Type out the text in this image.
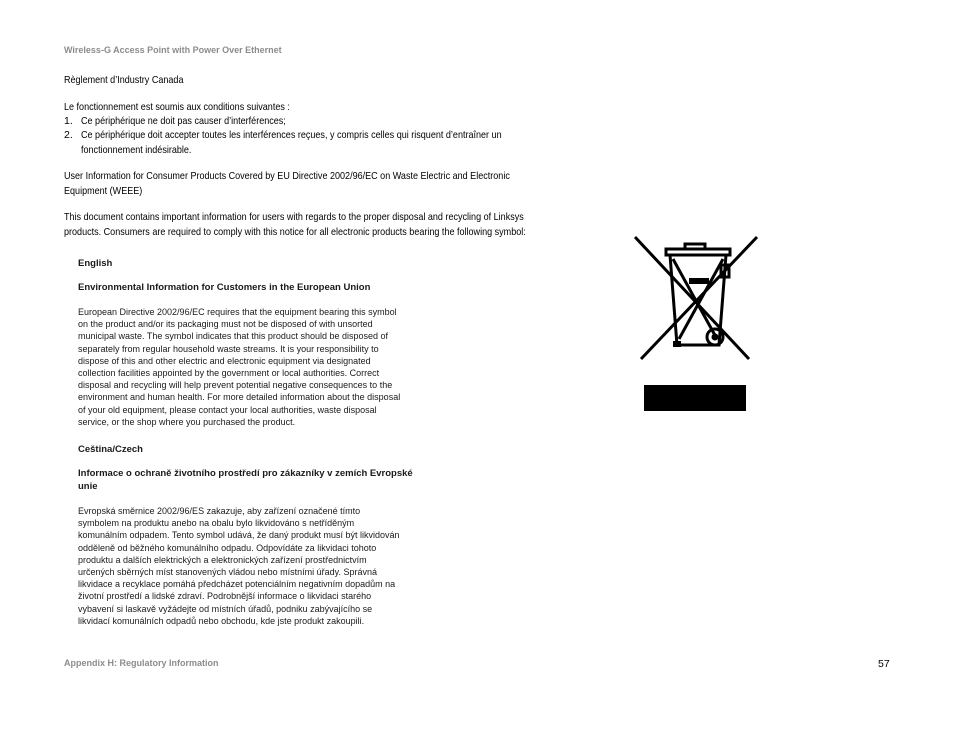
Wireless-G Access Point with Power Over Ethernet
Règlement d’Industry Canada
Le fonctionnement est soumis aux conditions suivantes :
1. Ce périphérique ne doit pas causer d’interférences;
2. Ce périphérique doit accepter toutes les interférences reçues, y compris celles qui risquent d’entraîner un
fonctionnement indésirable.
User Information for Consumer Products Covered by EU Directive 2002/96/EC on Waste Electric and Electronic
Equipment (WEEE)
This document contains important information for users with regards to the proper disposal and recycling of Linksys
products. Consumers are required to comply with this notice for all electronic products bearing the following symbol:
English
Environmental Information for Customers in the European Union
European Directive 2002/96/EC requires that the equipment bearing this symbol
on the product and/or its packaging must not be disposed of with unsorted
municipal waste. The symbol indicates that this product should be disposed of
separately from regular household waste streams. It is your responsibility to
dispose of this and other electric and electronic equipment via designated
collection facilities appointed by the government or local authorities. Correct
disposal and recycling will help prevent potential negative consequences to the
environment and human health. For more detailed information about the disposal
of your old equipment, please contact your local authorities, waste disposal
service, or the shop where you purchased the product.
Ceština/Czech
Informace o ochraně životního prostředí pro zákazníky v zemích Evropské
unie
Evropská směrnice 2002/96/ES zakazuje, aby zařízení označené tímto
symbolem na produktu anebo na obalu bylo likvidováno s netříděným
komunálním odpadem. Tento symbol udává, že daný produkt musí být likvidován
odděleně od běžného komunálního odpadu. Odpovídáte za likvidaci tohoto
produktu a dalších elektrických a elektronických zařízení prostřednictvím
určených sběrných míst stanovených vládou nebo místními úřady. Správná
likvidace a recyklace pomáhá předcházet potenciálním negativním dopadům na
životní prostředí a lidské zdraví. Podrobnější informace o likvidaci starého
vybavení si laskavě vyžádejte od místních úřadů, podniku zabývajícího se
likvidací komunálních odpadů nebo obchodu, kde jste produkt zakoupili.
Appendix H: Regulatory Information	57
